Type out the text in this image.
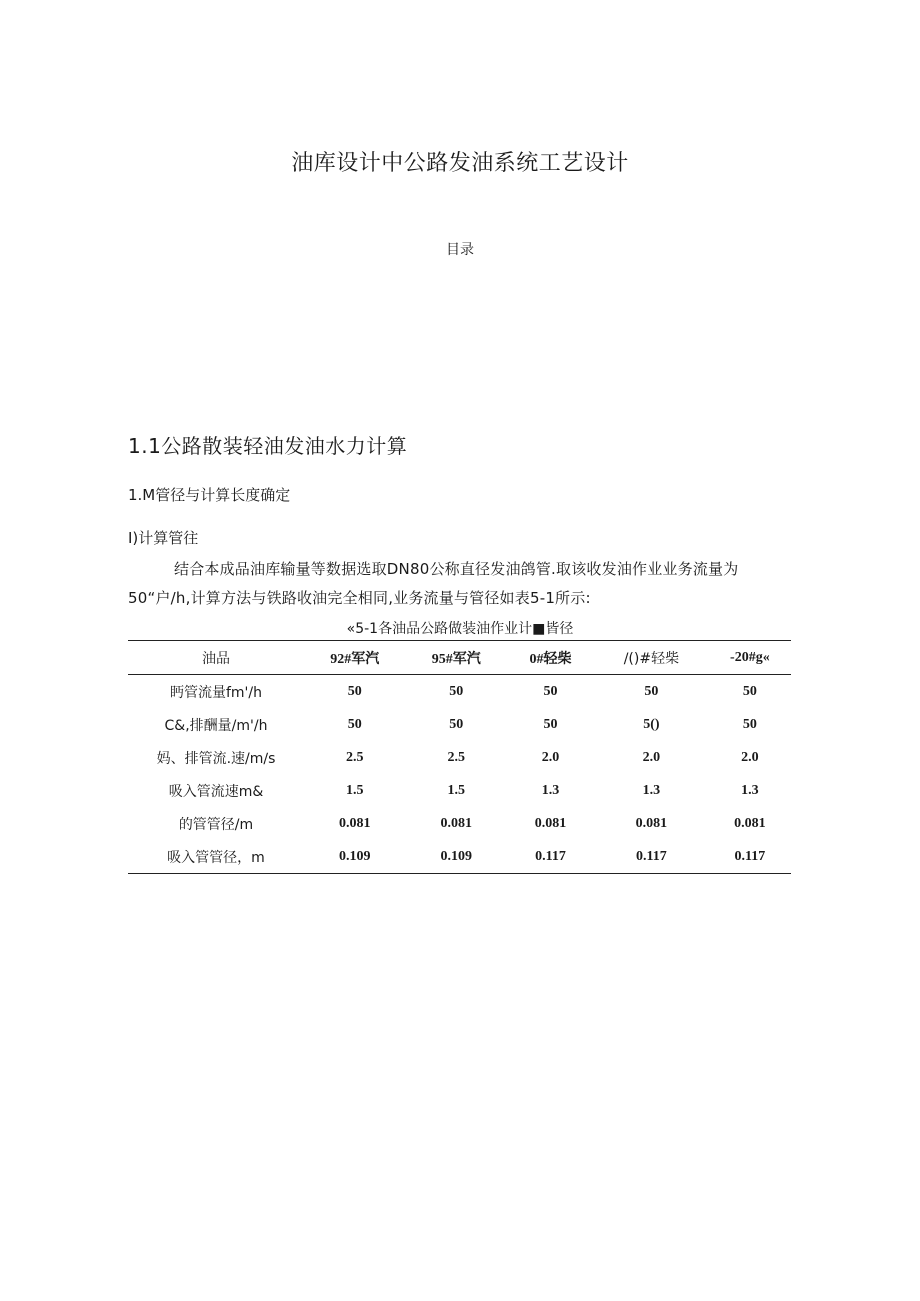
油库设计中公路发油系统工艺设计
目录
1.1公路散装轻油发油水力计算
1.M管径与计算长度确定
I)计算管往
结合本成品油库输量等数据选取DN80公称直径发油鸽管.取该收发油作业业务流量为50“户/h,计算方法与铁路收油完全相同,业务流量与管径如表5-1所示:
«5-1各油品公路做装油作业计■皆径
油品	92#军汽	95#军汽	0#轻柴	/()#轻柴	-20#g«
眄管流量fm'/h	50	50	50	50	50
C&,排酬量/m'/h	50	50	50	5()	50
妈、排管流.速/m∕s	2.5	2.5	2.0	2.0	2.0
吸入管流速m&	1.5	1.5	1.3	1.3	1.3
的管管径/m	0.081	0.081	0.081	0.081	0.081
吸入管管径，m	0.109	0.109	0.117	0.117	0.117
